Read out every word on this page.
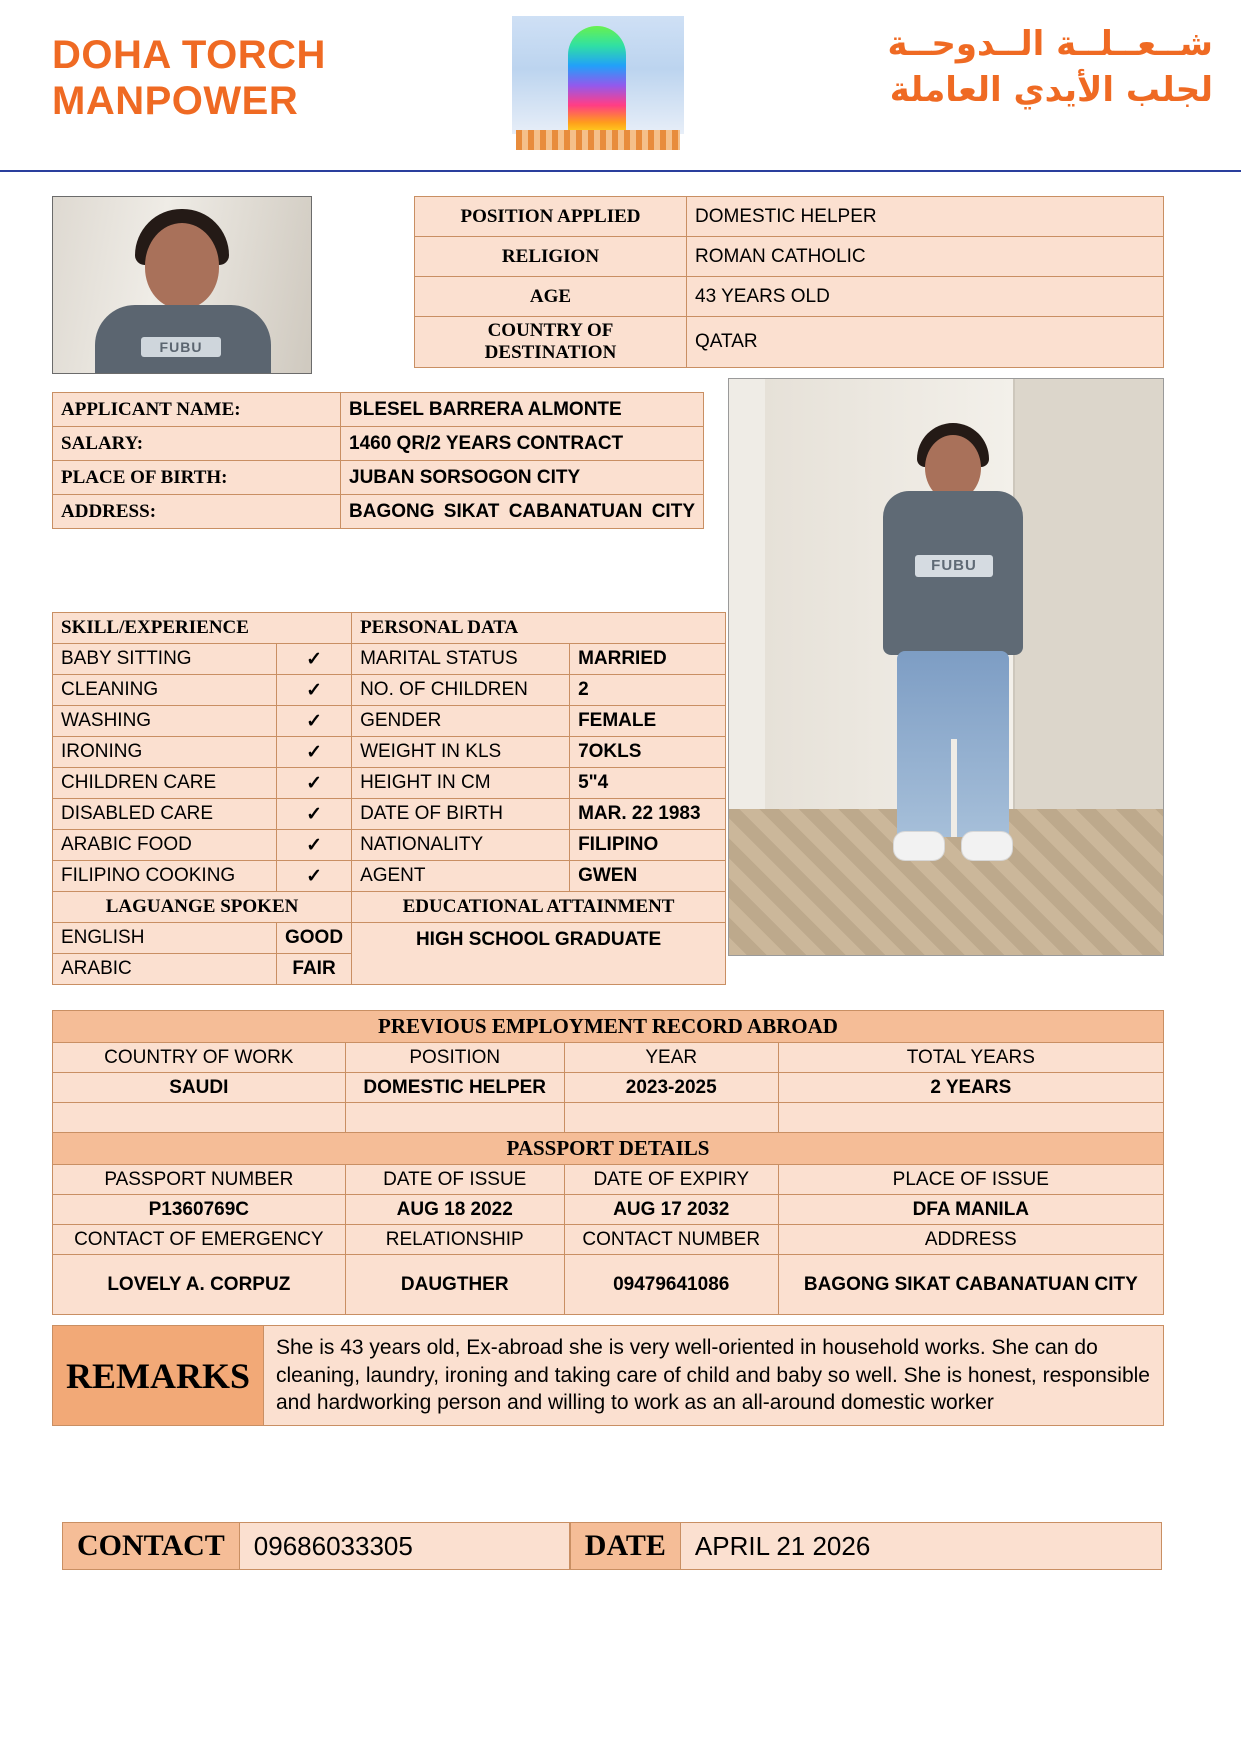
DOHA TORCH
MANPOWER
شــعــلــة الــدوحــة
لجلب الأيدي العاملة
FUBU
POSITION APPLIED	DOMESTIC HELPER
RELIGION	ROMAN CATHOLIC
AGE	43 YEARS OLD
COUNTRY OF DESTINATION	QATAR
APPLICANT NAME:	BLESEL BARRERA ALMONTE
SALARY:	1460 QR/2 YEARS CONTRACT
PLACE OF BIRTH:	JUBAN SORSOGON CITY
ADDRESS:	BAGONG SIKAT CABANATUAN CITY
SKILL/EXPERIENCE		PERSONAL DATA	
BABY SITTING	✓	MARITAL STATUS	MARRIED
CLEANING	✓	NO. OF CHILDREN	2
WASHING	✓	GENDER	FEMALE
IRONING	✓	WEIGHT IN KLS	7OKLS
CHILDREN CARE	✓	HEIGHT IN CM	5"4
DISABLED CARE	✓	DATE OF BIRTH	MAR. 22 1983
ARABIC FOOD	✓	NATIONALITY	FILIPINO
FILIPINO COOKING	✓	AGENT	GWEN
LAGUANGE SPOKEN		EDUCATIONAL ATTAINMENT	
ENGLISH	GOOD	HIGH SCHOOL GRADUATE	
ARABIC	FAIR		
FUBU
PREVIOUS EMPLOYMENT RECORD ABROAD			
COUNTRY OF WORK	POSITION	YEAR	TOTAL YEARS
SAUDI	DOMESTIC HELPER	2023-2025	2 YEARS

PASSPORT DETAILS			
PASSPORT NUMBER	DATE OF ISSUE	DATE OF EXPIRY	PLACE OF ISSUE
P1360769C	AUG 18 2022	AUG 17 2032	DFA MANILA
CONTACT OF EMERGENCY	RELATIONSHIP	CONTACT NUMBER	ADDRESS
LOVELY A. CORPUZ	DAUGTHER	09479641086	BAGONG SIKAT CABANATUAN CITY
REMARKS
She is 43 years old, Ex-abroad she is very well-oriented in household works. She can do cleaning, laundry, ironing and taking care of child and baby so well. She is honest, responsible and hardworking person and willing to work as an all-around domestic worker
CONTACT	09686033305	DATE	APRIL 21 2026
